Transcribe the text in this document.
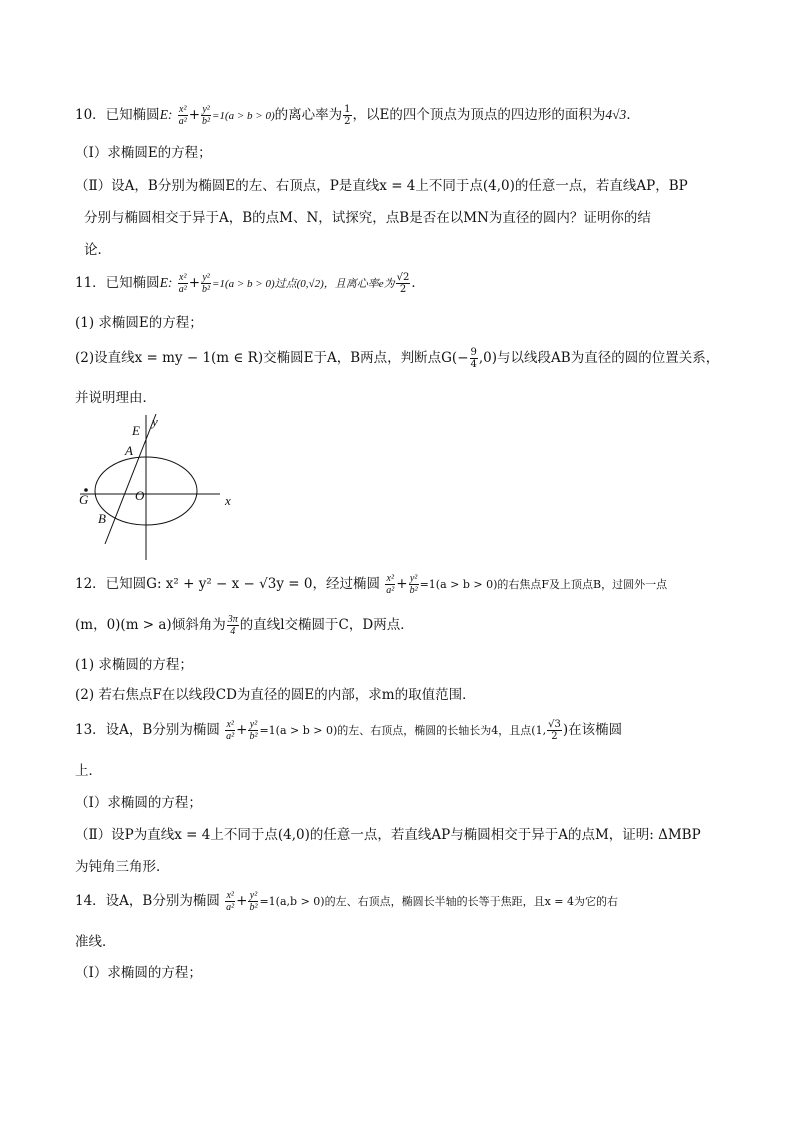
10．已知椭圆E: $\frac{\text{x²}}{\text{a²}} + \frac{\text{y²}}{\text{b²}} =1(a > b > 0)$的离心率为 $\frac{1}{2}$ ，以E的四个顶点为顶点的四边形的面积为4√3．
（Ⅰ）求椭圆E的方程；
（Ⅱ）设A，B分别为椭圆E的左、右顶点，P是直线x = 4上不同于点(4,0)的任意一点，若直线AP，BP
分别与椭圆相交于异于A，B的点M、N，试探究，点B是否在以MN为直径的圆内？证明你的结
论．
11．已知椭圆E: $\frac{\text{x²}}{\text{a²}} + \frac{\text{y²}}{\text{b²}} =1(a > b > 0)$过点(0,√2)，且离心率e为 $\frac{√2}{2}$ ．
(1) 求椭圆E的方程；
(2)设直线x = my − 1(m ∈ R)交椭圆E于A，B两点，判断点$G(- \frac{9}{4} ,0)$与以线段AB为直径的圆的位置关系，
并说明理由．
E
y
A
G	O	x
B
12．已知圆G: x² + y² − x − √3y = 0，经过椭圆 $\frac{\text{x²}}{\text{a²}} + \frac{\text{y²}}{\text{b²}} =1(a > b > 0)$的右焦点F及上顶点B，过圆外一点
(m，0)(m > a)倾斜角为 $\frac{3\pi}{4}$ 的直线l交椭圆于C，D两点．
(1) 求椭圆的方程；
(2) 若右焦点F在以线段CD为直径的圆E的内部，求m的取值范围．
13．设A，B分别为椭圆 $\frac{\text{x²}}{\text{a²}} + \frac{\text{y²}}{\text{b²}} =1(a > b > 0)$的左、右顶点，椭圆的长轴长为4，且点(1, $\frac{√3}{2}$ )在该椭圆
上．
（Ⅰ）求椭圆的方程；
（Ⅱ）设P为直线x = 4上不同于点(4,0)的任意一点，若直线AP与椭圆相交于异于A的点M，证明: ΔMBP
为钝角三角形．
14．设A，B分别为椭圆 $\frac{\text{x²}}{\text{a²}} + \frac{\text{y²}}{\text{b²}} =1(a,b > 0)$的左、右顶点，椭圆长半轴的长等于焦距，且x = 4为它的右
准线．
（Ⅰ）求椭圆的方程；
